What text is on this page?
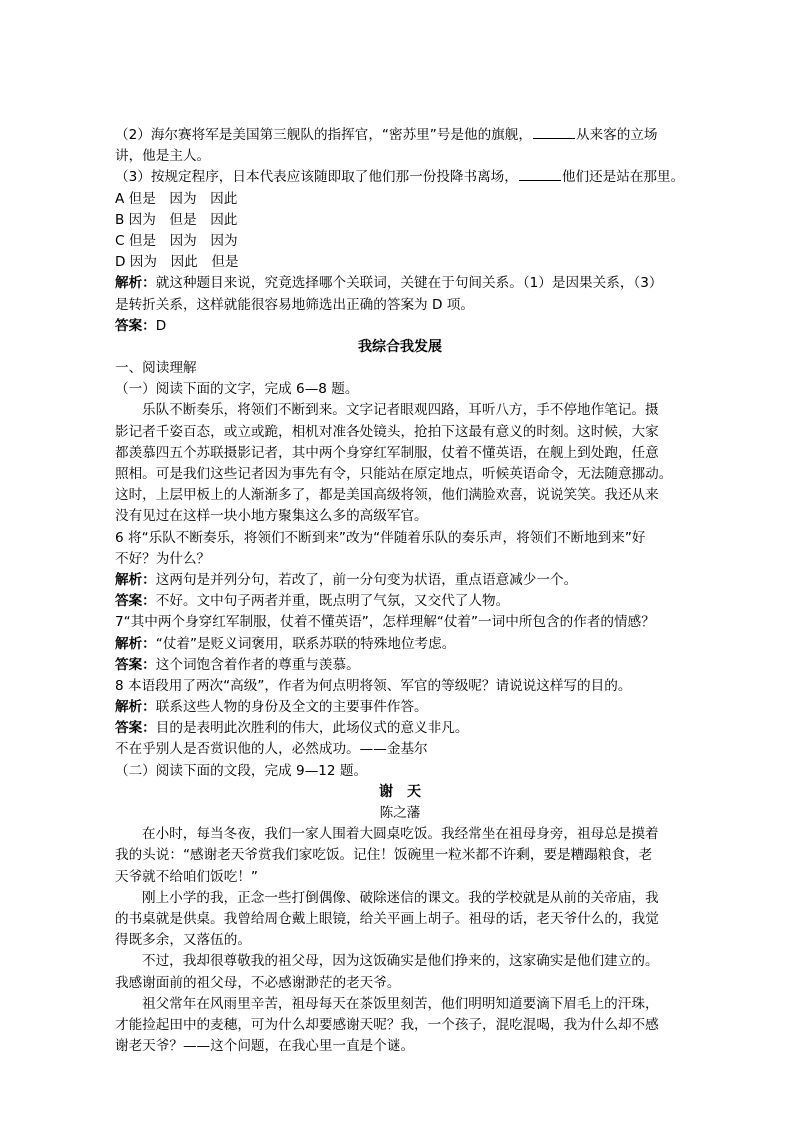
（2）海尔赛将军是美国第三舰队的指挥官，“密苏里”号是他的旗舰，	从来客的立场
讲，他是主人。
（3）按规定程序，日本代表应该随即取了他们那一份投降书离场，	他们还是站在那里。
A 但是　因为　因此
B 因为　但是　因此
C 但是　因为　因为
D 因为　因此　但是
解析：就这种题目来说，究竟选择哪个关联词，关键在于句间关系。（1）是因果关系，（3）
是转折关系，这样就能很容易地筛选出正确的答案为 D 项。
答案：D
我综合我发展
一、阅读理解
（一）阅读下面的文字，完成 6—8 题。
乐队不断奏乐，将领们不断到来。文字记者眼观四路，耳听八方，手不停地作笔记。摄
影记者千姿百态，或立或跪，相机对准各处镜头，抢拍下这最有意义的时刻。这时候，大家
都羡慕四五个苏联摄影记者，其中两个身穿红军制服，仗着不懂英语，在舰上到处跑，任意
照相。可是我们这些记者因为事先有令，只能站在原定地点，听候英语命令，无法随意挪动。
这时，上层甲板上的人渐渐多了，都是美国高级将领，他们满脸欢喜，说说笑笑。我还从来
没有见过在这样一块小地方聚集这么多的高级军官。
6 将“乐队不断奏乐，将领们不断到来”改为“伴随着乐队的奏乐声，将领们不断地到来”好
不好？为什么？
解析：这两句是并列分句，若改了，前一分句变为状语，重点语意减少一个。
答案：不好。文中句子两者并重，既点明了气氛，又交代了人物。
7“其中两个身穿红军制服，仗着不懂英语”，怎样理解“仗着”一词中所包含的作者的情感？
解析：“仗着”是贬义词褒用，联系苏联的特殊地位考虑。
答案：这个词饱含着作者的尊重与羡慕。
8 本语段用了两次“高级”，作者为何点明将领、军官的等级呢？请说说这样写的目的。
解析：联系这些人物的身份及全文的主要事件作答。
答案：目的是表明此次胜利的伟大，此场仪式的意义非凡。
不在乎别人是否赏识他的人，必然成功。——金基尔
（二）阅读下面的文段，完成 9—12 题。
谢　天
陈之藩
在小时，每当冬夜，我们一家人围着大圆桌吃饭。我经常坐在祖母身旁，祖母总是摸着
我的头说：“感谢老天爷赏我们家吃饭。记住！饭碗里一粒米都不许剩，要是糟蹋粮食，老
天爷就不给咱们饭吃！”
刚上小学的我，正念一些打倒偶像、破除迷信的课文。我的学校就是从前的关帝庙，我
的书桌就是供桌。我曾给周仓戴上眼镜，给关平画上胡子。祖母的话，老天爷什么的，我觉
得既多余，又落伍的。
不过，我却很尊敬我的祖父母，因为这饭确实是他们挣来的，这家确实是他们建立的。
我感谢面前的祖父母，不必感谢渺茫的老天爷。
祖父常年在风雨里辛苦，祖母每天在茶饭里刻苦，他们明明知道要滴下眉毛上的汗珠，
才能捡起田中的麦穗，可为什么却要感谢天呢？我，一个孩子，混吃混喝，我为什么却不感
谢老天爷？——这个问题，在我心里一直是个谜。
